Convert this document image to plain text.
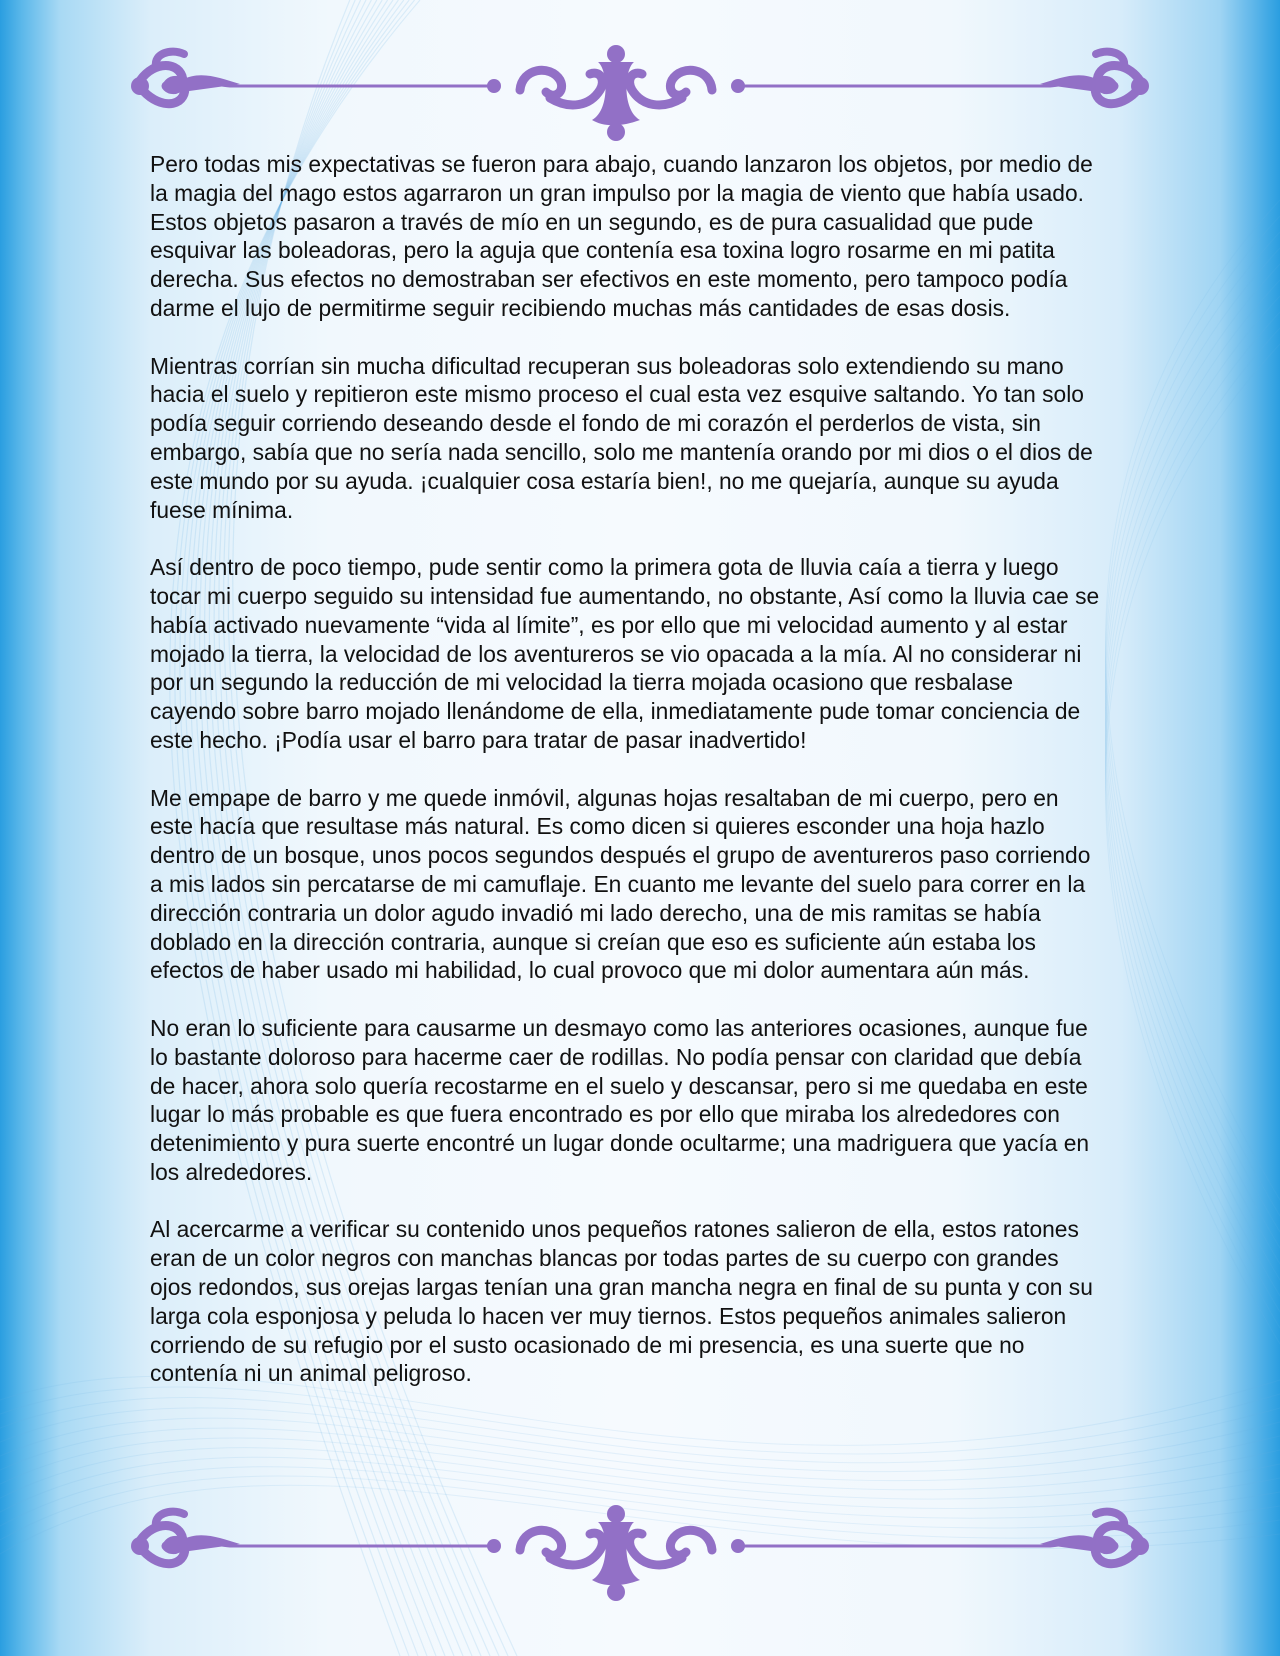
Pero todas mis expectativas se fueron para abajo, cuando lanzaron los objetos, por medio de la magia del mago estos agarraron un gran impulso por la magia de viento que había usado. Estos objetos pasaron a través de mío en un segundo, es de pura casualidad que pude esquivar las boleadoras, pero la aguja que contenía esa toxina logro rosarme en mi patita derecha. Sus efectos no demostraban ser efectivos en este momento, pero tampoco podía darme el lujo de permitirme seguir recibiendo muchas más cantidades de esas dosis.

Mientras corrían sin mucha dificultad recuperan sus boleadoras solo extendiendo su mano hacia el suelo y repitieron este mismo proceso el cual esta vez esquive saltando. Yo tan solo podía seguir corriendo deseando desde el fondo de mi corazón el perderlos de vista, sin embargo, sabía que no sería nada sencillo, solo me mantenía orando por mi dios o el dios de este mundo por su ayuda. ¡cualquier cosa estaría bien!, no me quejaría, aunque su ayuda fuese mínima.

Así dentro de poco tiempo, pude sentir como la primera gota de lluvia caía a tierra y luego tocar mi cuerpo seguido su intensidad fue aumentando, no obstante, Así como la lluvia cae se había activado nuevamente “vida al límite”, es por ello que mi velocidad aumento y al estar mojado la tierra, la velocidad de los aventureros se vio opacada a la mía. Al no considerar ni por un segundo la reducción de mi velocidad la tierra mojada ocasiono que resbalase cayendo sobre barro mojado llenándome de ella, inmediatamente pude tomar conciencia de este hecho. ¡Podía usar el barro para tratar de pasar inadvertido!

Me empape de barro y me quede inmóvil, algunas hojas resaltaban de mi cuerpo, pero en este hacía que resultase más natural. Es como dicen si quieres esconder una hoja hazlo dentro de un bosque, unos pocos segundos después el grupo de aventureros paso corriendo a mis lados sin percatarse de mi camuflaje. En cuanto me levante del suelo para correr en la dirección contraria un dolor agudo invadió mi lado derecho, una de mis ramitas se había doblado en la dirección contraria, aunque si creían que eso es suficiente aún estaba los efectos de haber usado mi habilidad, lo cual provoco que mi dolor aumentara aún más.

No eran lo suficiente para causarme un desmayo como las anteriores ocasiones, aunque fue lo bastante doloroso para hacerme caer de rodillas. No podía pensar con claridad que debía de hacer, ahora solo quería recostarme en el suelo y descansar, pero si me quedaba en este lugar lo más probable es que fuera encontrado es por ello que miraba los alrededores con detenimiento y pura suerte encontré un lugar donde ocultarme; una madriguera que yacía en los alrededores.

Al acercarme a verificar su contenido unos pequeños ratones salieron de ella, estos ratones eran de un color negros con manchas blancas por todas partes de su cuerpo con grandes ojos redondos, sus orejas largas tenían una gran mancha negra en final de su punta y con su larga cola esponjosa y peluda lo hacen ver muy tiernos. Estos pequeños animales salieron corriendo de su refugio por el susto ocasionado de mi presencia, es una suerte que no contenía ni un animal peligroso.
